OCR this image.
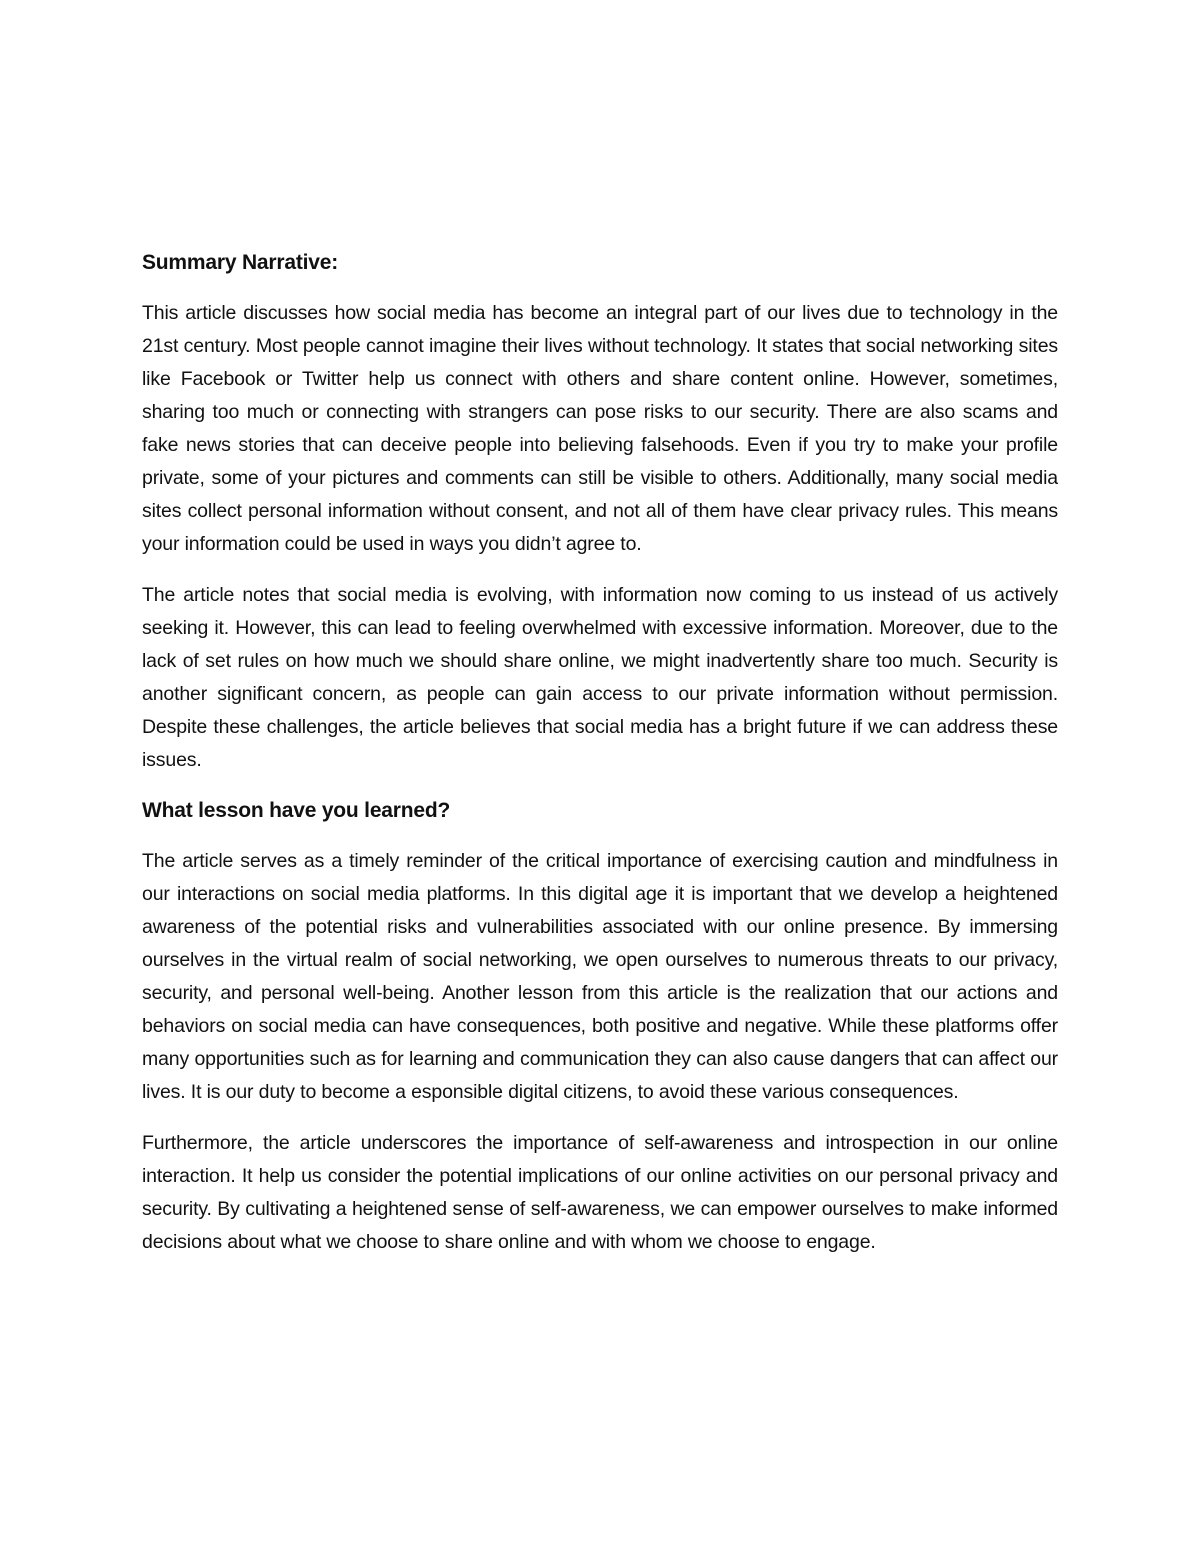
Summary Narrative:

This article discusses how social media has become an integral part of our lives due to technology in the 21st century. Most people cannot imagine their lives without technology. It states that social networking sites like Facebook or Twitter help us connect with others and share content online. However, sometimes, sharing too much or connecting with strangers can pose risks to our security. There are also scams and fake news stories that can deceive people into believing falsehoods. Even if you try to make your profile private, some of your pictures and comments can still be visible to others. Additionally, many social media sites collect personal information without consent, and not all of them have clear privacy rules. This means your information could be used in ways you didn’t agree to.

The article notes that social media is evolving, with information now coming to us instead of us actively seeking it. However, this can lead to feeling overwhelmed with excessive information. Moreover, due to the lack of set rules on how much we should share online, we might inadvertently share too much. Security is another significant concern, as people can gain access to our private information without permission. Despite these challenges, the article believes that social media has a bright future if we can address these issues.

What lesson have you learned?

The article serves as a timely reminder of the critical importance of exercising caution and mindfulness in our interactions on social media platforms. In this digital age it is important that we develop a heightened awareness of the potential risks and vulnerabilities associated with our online presence. By immersing ourselves in the virtual realm of social networking, we open ourselves to numerous threats to our privacy, security, and personal well-being. Another lesson from this article is the realization that our actions and behaviors on social media can have consequences, both positive and negative. While these platforms offer many opportunities such as for learning and communication they can also cause dangers that can affect our lives. It is our duty to become a esponsible digital citizens, to avoid these various consequences.

Furthermore, the article underscores the importance of self-awareness and introspection in our online interaction. It help us consider the potential implications of our online activities on our personal privacy and security. By cultivating a heightened sense of self-awareness, we can empower ourselves to make informed decisions about what we choose to share online and with whom we choose to engage.
